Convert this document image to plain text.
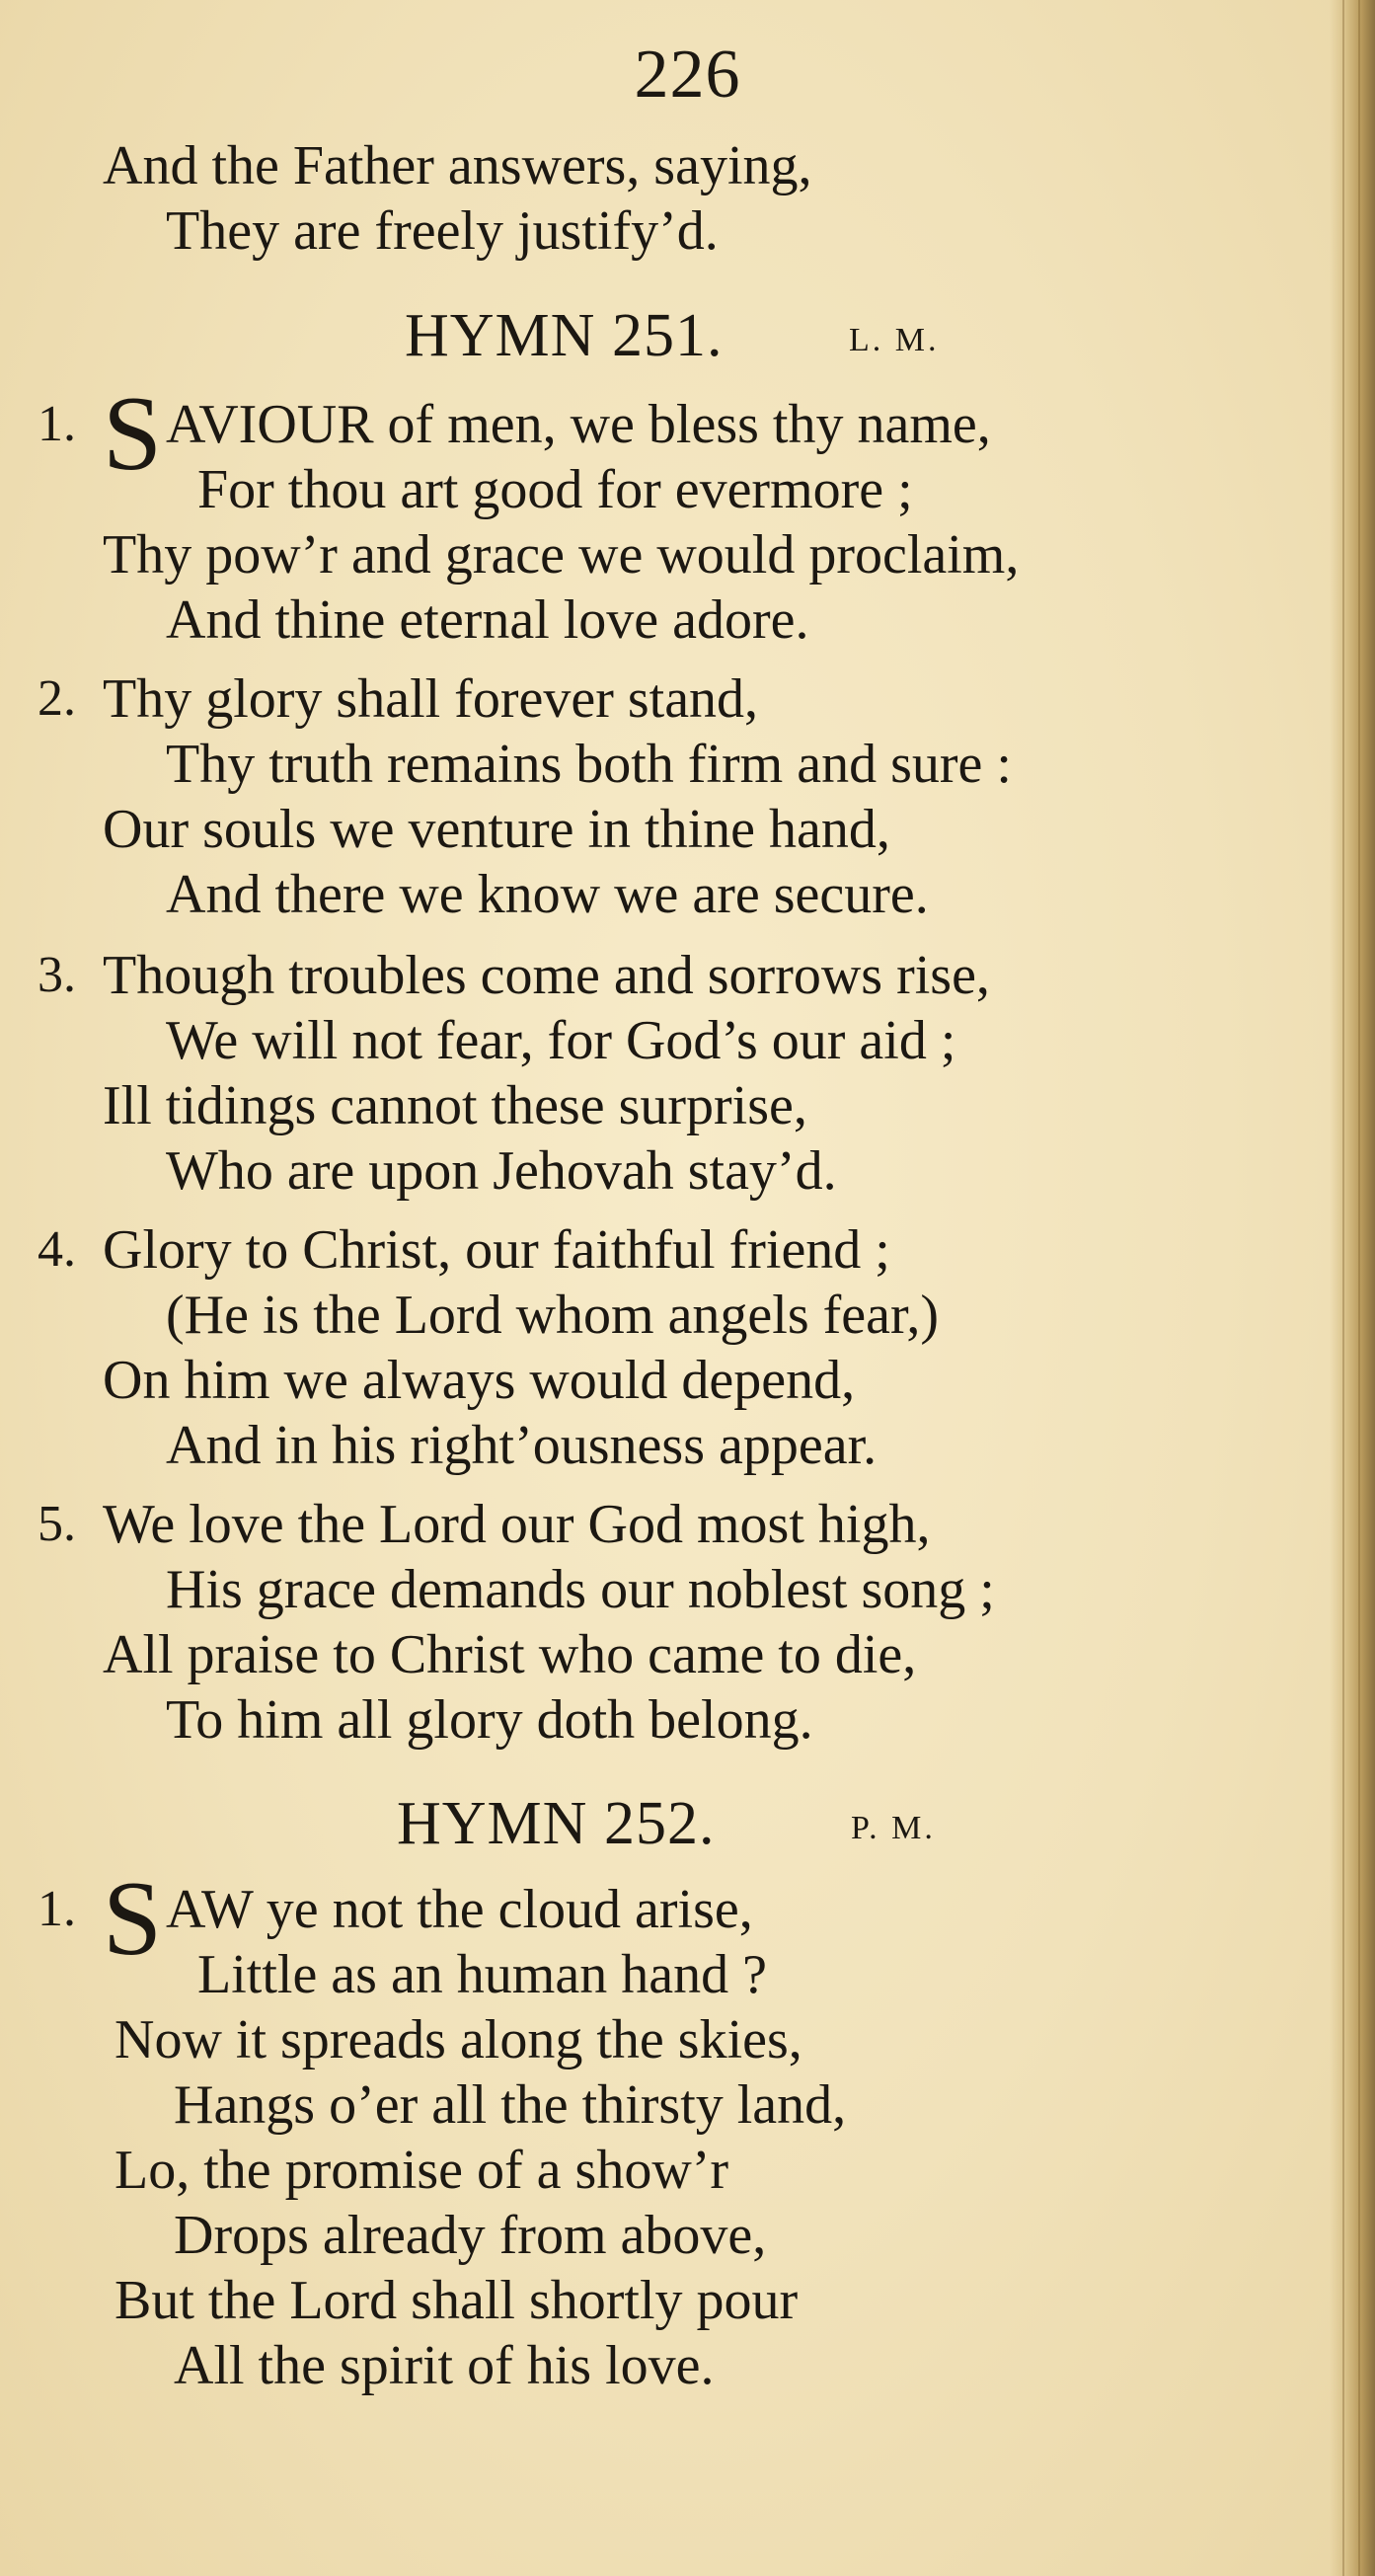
226
And the Father answers, saying,
They are freely justify’d.
HYMN 251.	L. M.
1. S AVIOUR of men, we bless thy name,
For thou art good for evermore ;
Thy pow’r and grace we would proclaim,
And thine eternal love adore.
2. Thy glory shall forever stand,
Thy truth remains both firm and sure :
Our souls we venture in thine hand,
And there we know we are secure.
3. Though troubles come and sorrows rise,
We will not fear, for God’s our aid ;
Ill tidings cannot these surprise,
Who are upon Jehovah stay’d.
4. Glory to Christ, our faithful friend ;
(He is the Lord whom angels fear,)
On him we always would depend,
And in his right’ousness appear.
5. We love the Lord our God most high,
His grace demands our noblest song ;
All praise to Christ who came to die,
To him all glory doth belong.
HYMN 252.	P. M.
1. S AW ye not the cloud arise,
Little as an human hand ?
Now it spreads along the skies,
Hangs o’er all the thirsty land,
Lo, the promise of a show’r
Drops already from above,
But the Lord shall shortly pour
All the spirit of his love.
